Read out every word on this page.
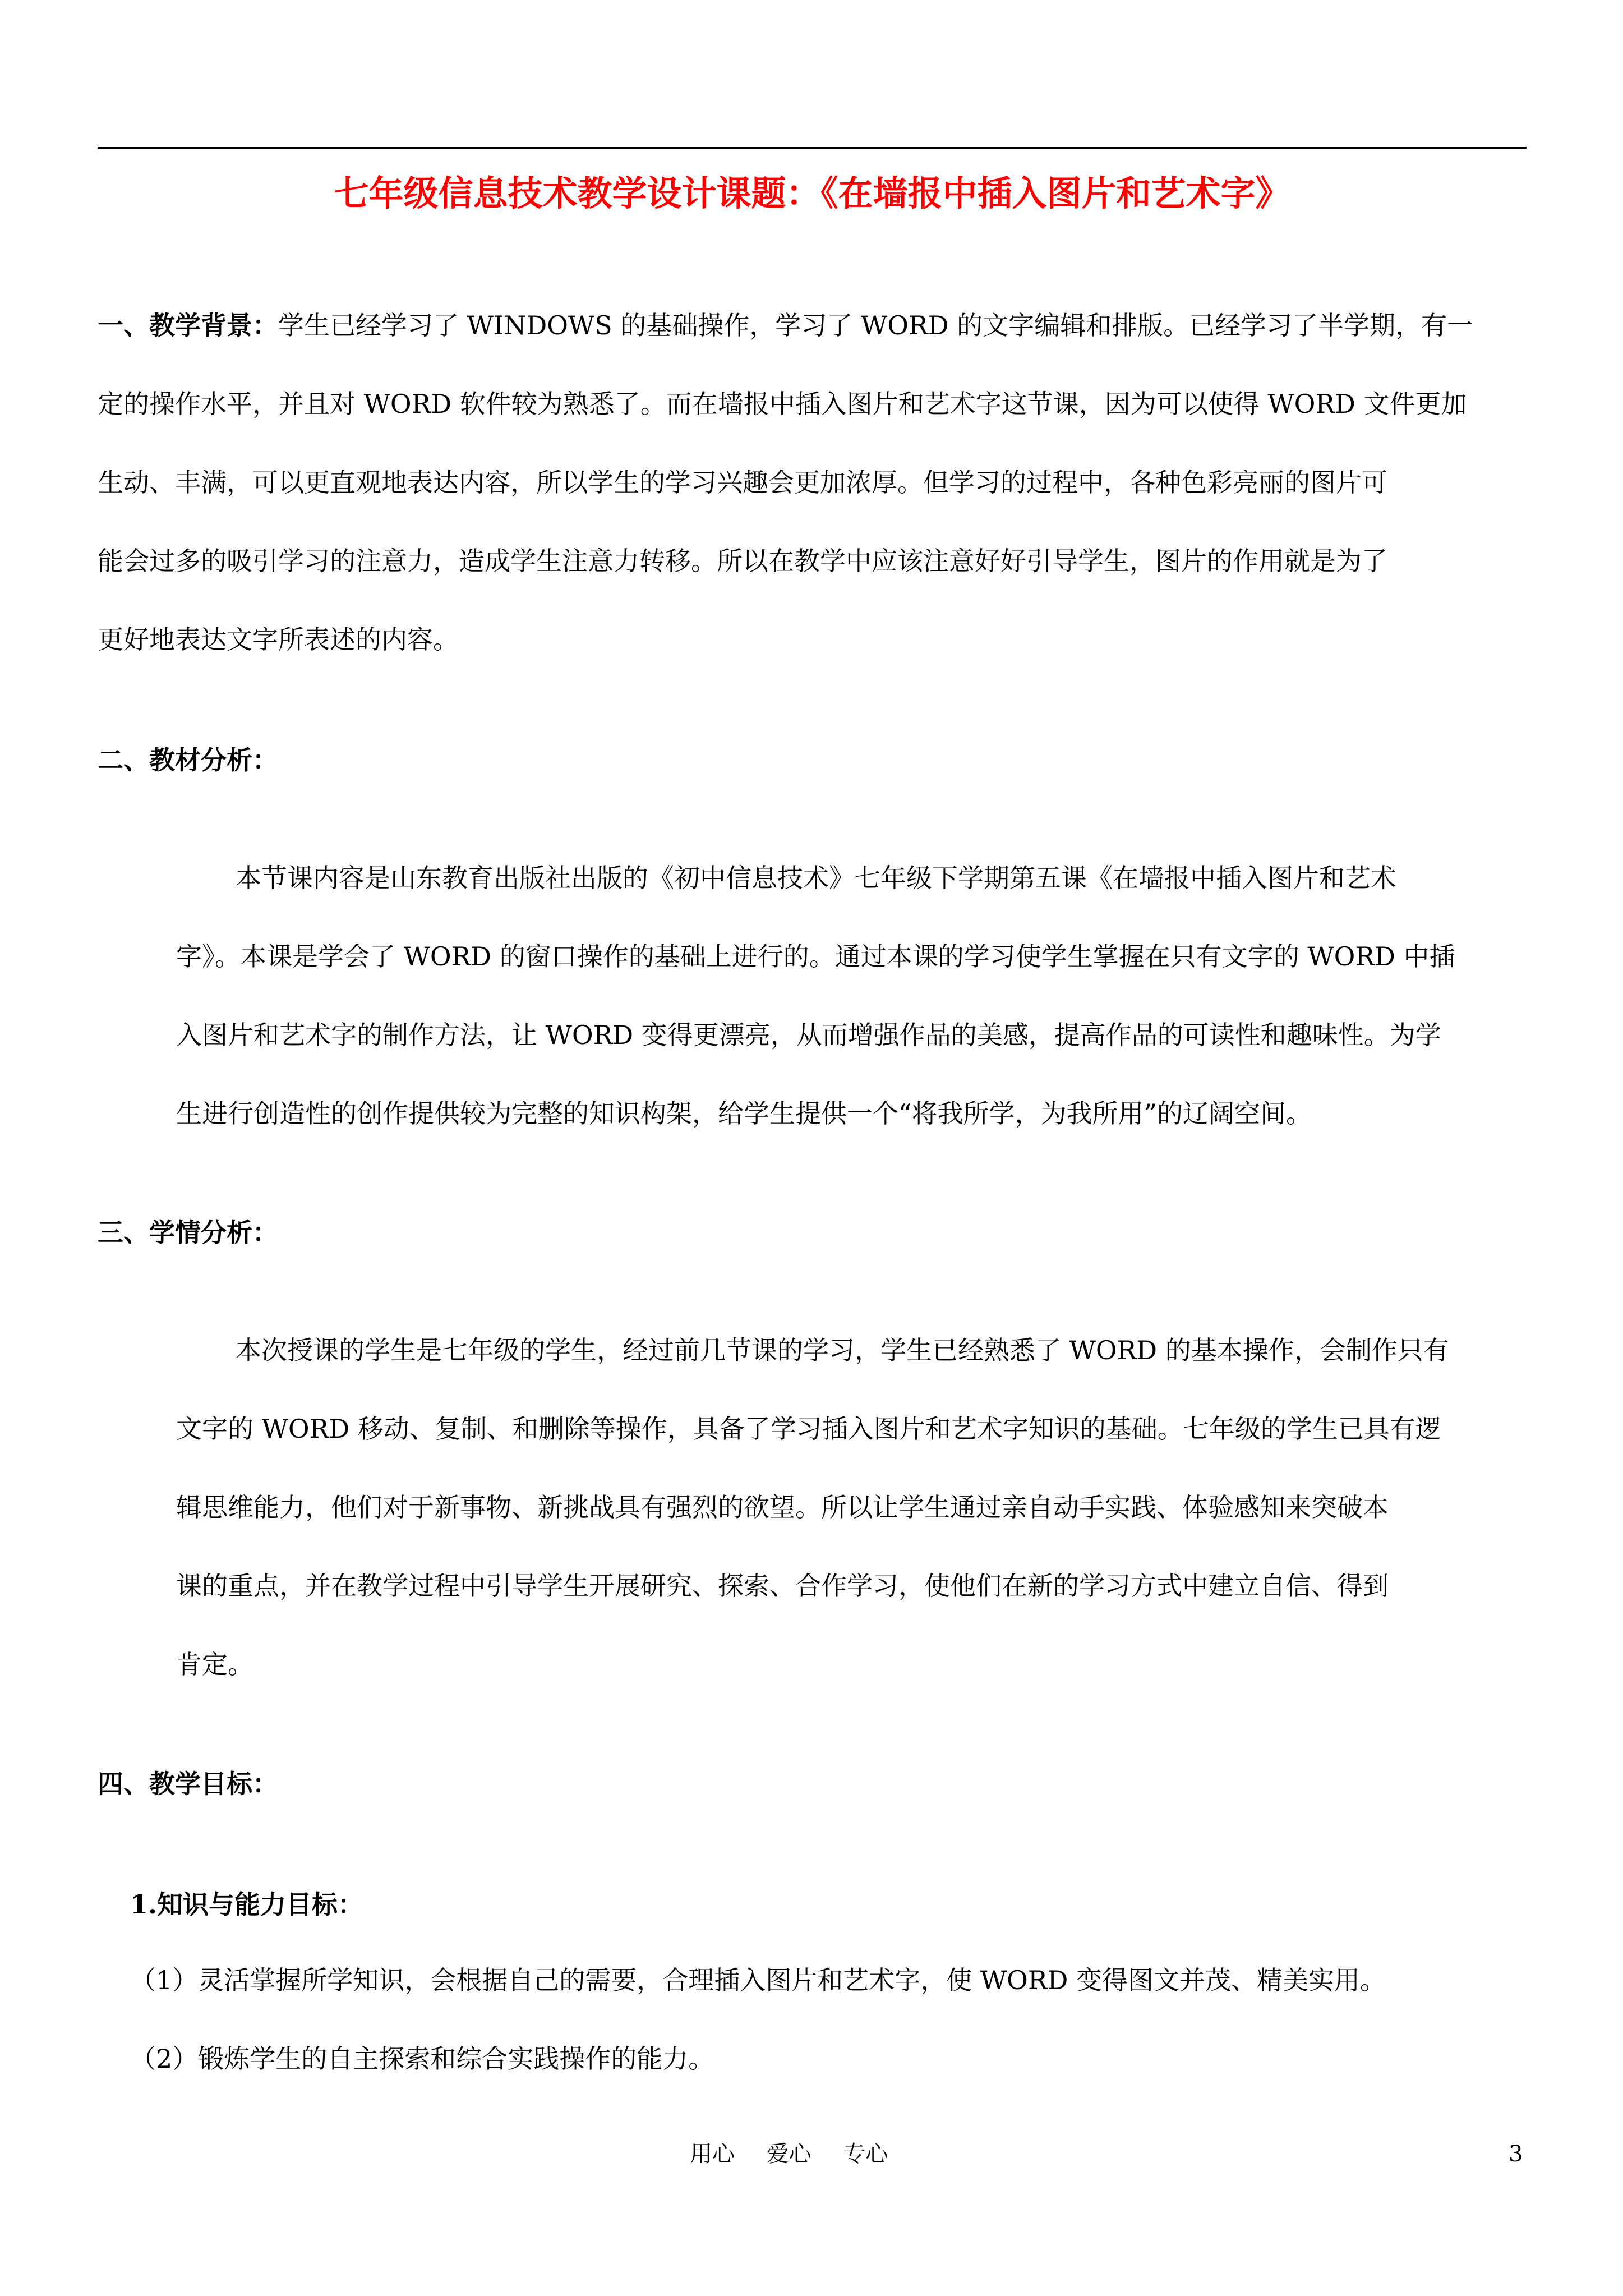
七年级信息技术教学设计课题：《在墙报中插入图片和艺术字》

一、教学背景：学生已经学习了 WINDOWS 的基础操作，学习了 WORD 的文字编辑和排版。已经学习了半学期，有一
定的操作水平，并且对 WORD 软件较为熟悉了。而在墙报中插入图片和艺术字这节课，因为可以使得 WORD 文件更加
生动、丰满，可以更直观地表达内容，所以学生的学习兴趣会更加浓厚。但学习的过程中，各种色彩亮丽的图片可
能会过多的吸引学习的注意力，造成学生注意力转移。所以在教学中应该注意好好引导学生，图片的作用就是为了
更好地表达文字所表述的内容。

二、教材分析：

本节课内容是山东教育出版社出版的《初中信息技术》七年级下学期第五课《在墙报中插入图片和艺术
字》。本课是学会了 WORD 的窗口操作的基础上进行的。通过本课的学习使学生掌握在只有文字的 WORD 中插
入图片和艺术字的制作方法，让 WORD 变得更漂亮，从而增强作品的美感，提高作品的可读性和趣味性。为学
生进行创造性的创作提供较为完整的知识构架，给学生提供一个“将我所学，为我所用”的辽阔空间。

三、学情分析：

本次授课的学生是七年级的学生，经过前几节课的学习，学生已经熟悉了 WORD 的基本操作，会制作只有
文字的 WORD 移动、复制、和删除等操作，具备了学习插入图片和艺术字知识的基础。七年级的学生已具有逻
辑思维能力，他们对于新事物、新挑战具有强烈的欲望。所以让学生通过亲自动手实践、体验感知来突破本
课的重点，并在教学过程中引导学生开展研究、探索、合作学习，使他们在新的学习方式中建立自信、得到
肯定。

四、教学目标：
1.知识与能力目标：

（1）灵活掌握所学知识，会根据自己的需要，合理插入图片和艺术字，使 WORD 变得图文并茂、精美实用。

（2）锻炼学生的自主探索和综合实践操作的能力。

用心 爱心 专心	3
